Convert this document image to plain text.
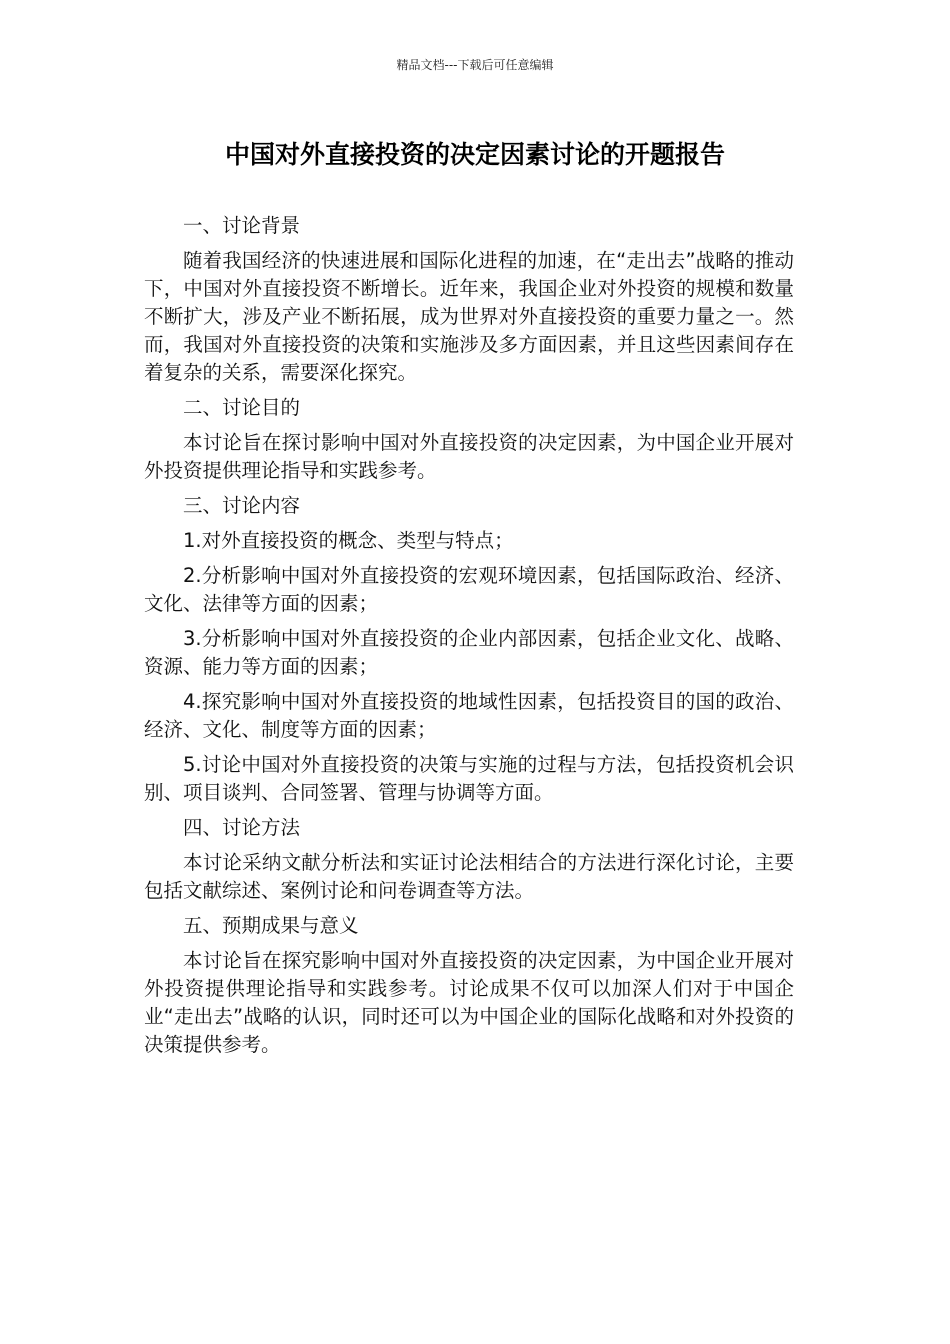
精品文档---下载后可任意编辑
中国对外直接投资的决定因素讨论的开题报告

一、讨论背景

随着我国经济的快速进展和国际化进程的加速，在“走出去”战略的推动下，中国对外直接投资不断增长。近年来，我国企业对外投资的规模和数量不断扩大，涉及产业不断拓展，成为世界对外直接投资的重要力量之一。然而，我国对外直接投资的决策和实施涉及多方面因素，并且这些因素间存在着复杂的关系，需要深化探究。

二、讨论目的

本讨论旨在探讨影响中国对外直接投资的决定因素，为中国企业开展对外投资提供理论指导和实践参考。

三、讨论内容

1.对外直接投资的概念、类型与特点；

2.分析影响中国对外直接投资的宏观环境因素，包括国际政治、经济、文化、法律等方面的因素；

3.分析影响中国对外直接投资的企业内部因素，包括企业文化、战略、资源、能力等方面的因素；

4.探究影响中国对外直接投资的地域性因素，包括投资目的国的政治、经济、文化、制度等方面的因素；

5.讨论中国对外直接投资的决策与实施的过程与方法，包括投资机会识别、项目谈判、合同签署、管理与协调等方面。

四、讨论方法

本讨论采纳文献分析法和实证讨论法相结合的方法进行深化讨论，主要包括文献综述、案例讨论和问卷调查等方法。

五、预期成果与意义

本讨论旨在探究影响中国对外直接投资的决定因素，为中国企业开展对外投资提供理论指导和实践参考。讨论成果不仅可以加深人们对于中国企业“走出去”战略的认识，同时还可以为中国企业的国际化战略和对外投资的决策提供参考。
